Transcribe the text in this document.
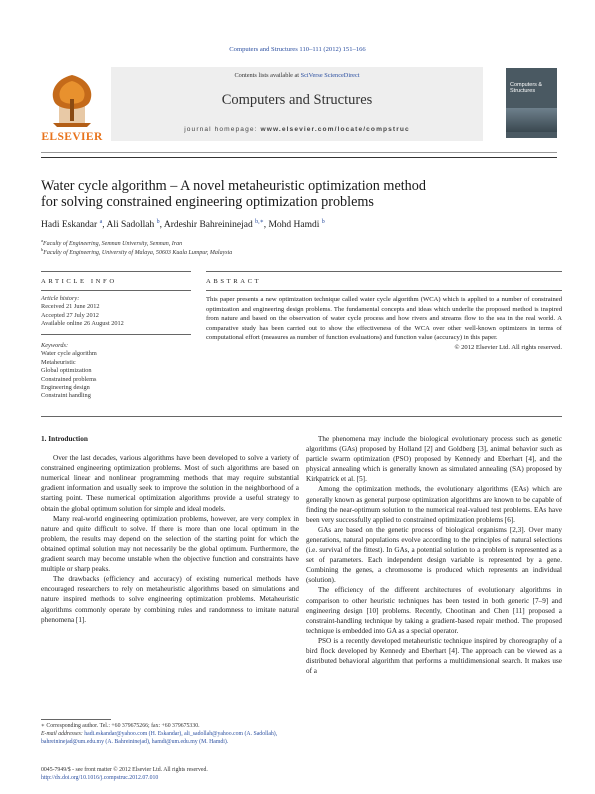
Computers and Structures 110–111 (2012) 151–166
ELSEVIER
Contents lists available at SciVerse ScienceDirect
Computers and Structures
journal homepage: www.elsevier.com/locate/compstruc
Computers & Structures
Water cycle algorithm – A novel metaheuristic optimization method
for solving constrained engineering optimization problems
Hadi Eskandar $^a$, Ali Sadollah $^b$, Ardeshir Bahreininejad $^{b,∗}$, Mohd Hamdi $^b$
$^a$Faculty of Engineering, Semnan University, Semnan, Iran
$^b$Faculty of Engineering, University of Malaya, 50603 Kuala Lumpur, Malaysia
ARTICLE INFO	ABSTRACT
Article history:
Received 21 June 2012
Accepted 27 July 2012
Available online 26 August 2012
Keywords:
Water cycle algorithm
Metaheuristic
Global optimization
Constrained problems
Engineering design
Constraint handling
This paper presents a new optimization technique called water cycle algorithm (WCA) which is applied to a number of constrained optimization and engineering design problems. The fundamental concepts and ideas which underlie the proposed method is inspired from nature and based on the observation of water cycle process and how rivers and streams flow to the sea in the real world. A comparative study has been carried out to show the effectiveness of the WCA over other well-known optimizers in terms of computational effort (measures as number of function evaluations) and function value (accuracy) in this paper.
© 2012 Elsevier Ltd. All rights reserved.
1. Introduction

Over the last decades, various algorithms have been developed to solve a variety of constrained engineering optimization problems. Most of such algorithms are based on numerical linear and nonlinear programming methods that may require substantial gradient information and usually seek to improve the solution in the neighborhood of a starting point. These numerical optimization algorithms provide a useful strategy to obtain the global optimum solution for simple and ideal models.

Many real-world engineering optimization problems, however, are very complex in nature and quite difficult to solve. If there is more than one local optimum in the problem, the results may depend on the selection of the starting point for which the obtained optimal solution may not necessarily be the global optimum. Furthermore, the gradient search may become unstable when the objective function and constraints have multiple or sharp peaks.

The drawbacks (efficiency and accuracy) of existing numerical methods have encouraged researchers to rely on metaheuristic algorithms based on simulations and nature inspired methods to solve engineering optimization problems. Metaheuristic algorithms commonly operate by combining rules and randomness to imitate natural phenomena [1].

The phenomena may include the biological evolutionary process such as genetic algorithms (GAs) proposed by Holland [2] and Goldberg [3], animal behavior such as particle swarm optimization (PSO) proposed by Kennedy and Eberhart [4], and the physical annealing which is generally known as simulated annealing (SA) proposed by Kirkpatrick et al. [5].

Among the optimization methods, the evolutionary algorithms (EAs) which are generally known as general purpose optimization algorithms are known to be capable of finding the near-optimum solution to the numerical real-valued test problems. EAs have been very successfully applied to constrained optimization problems [6].

GAs are based on the genetic process of biological organisms [2,3]. Over many generations, natural populations evolve according to the principles of natural selections (i.e. survival of the fittest). In GAs, a potential solution to a problem is represented as a set of parameters. Each independent design variable is represented by a gene. Combining the genes, a chromosome is produced which represents an individual (solution).

The efficiency of the different architectures of evolutionary algorithms in comparison to other heuristic techniques has been tested in both generic [7–9] and engineering design [10] problems. Recently, Chootinan and Chen [11] proposed a constraint-handling technique by taking a gradient-based repair method. The proposed technique is embedded into GA as a special operator.

PSO is a recently developed metaheuristic technique inspired by choreography of a bird flock developed by Kennedy and Eberhart [4]. The approach can be viewed as a distributed behavioral algorithm that performs a multidimensional search. It makes use of a

∗ Corresponding author. Tel.: +60 379675266; fax: +60 379675330.
E-mail addresses: hadi.eskandar@yahoo.com (H. Eskandar), ali_sadollah@yahoo.com (A. Sadollah), bahreininejad@um.edu.my (A. Bahreininejad), hamdi@um.edu.my (M. Hamdi).
0045-7949/$ - see front matter © 2012 Elsevier Ltd. All rights reserved.
http://dx.doi.org/10.1016/j.compstruc.2012.07.010
